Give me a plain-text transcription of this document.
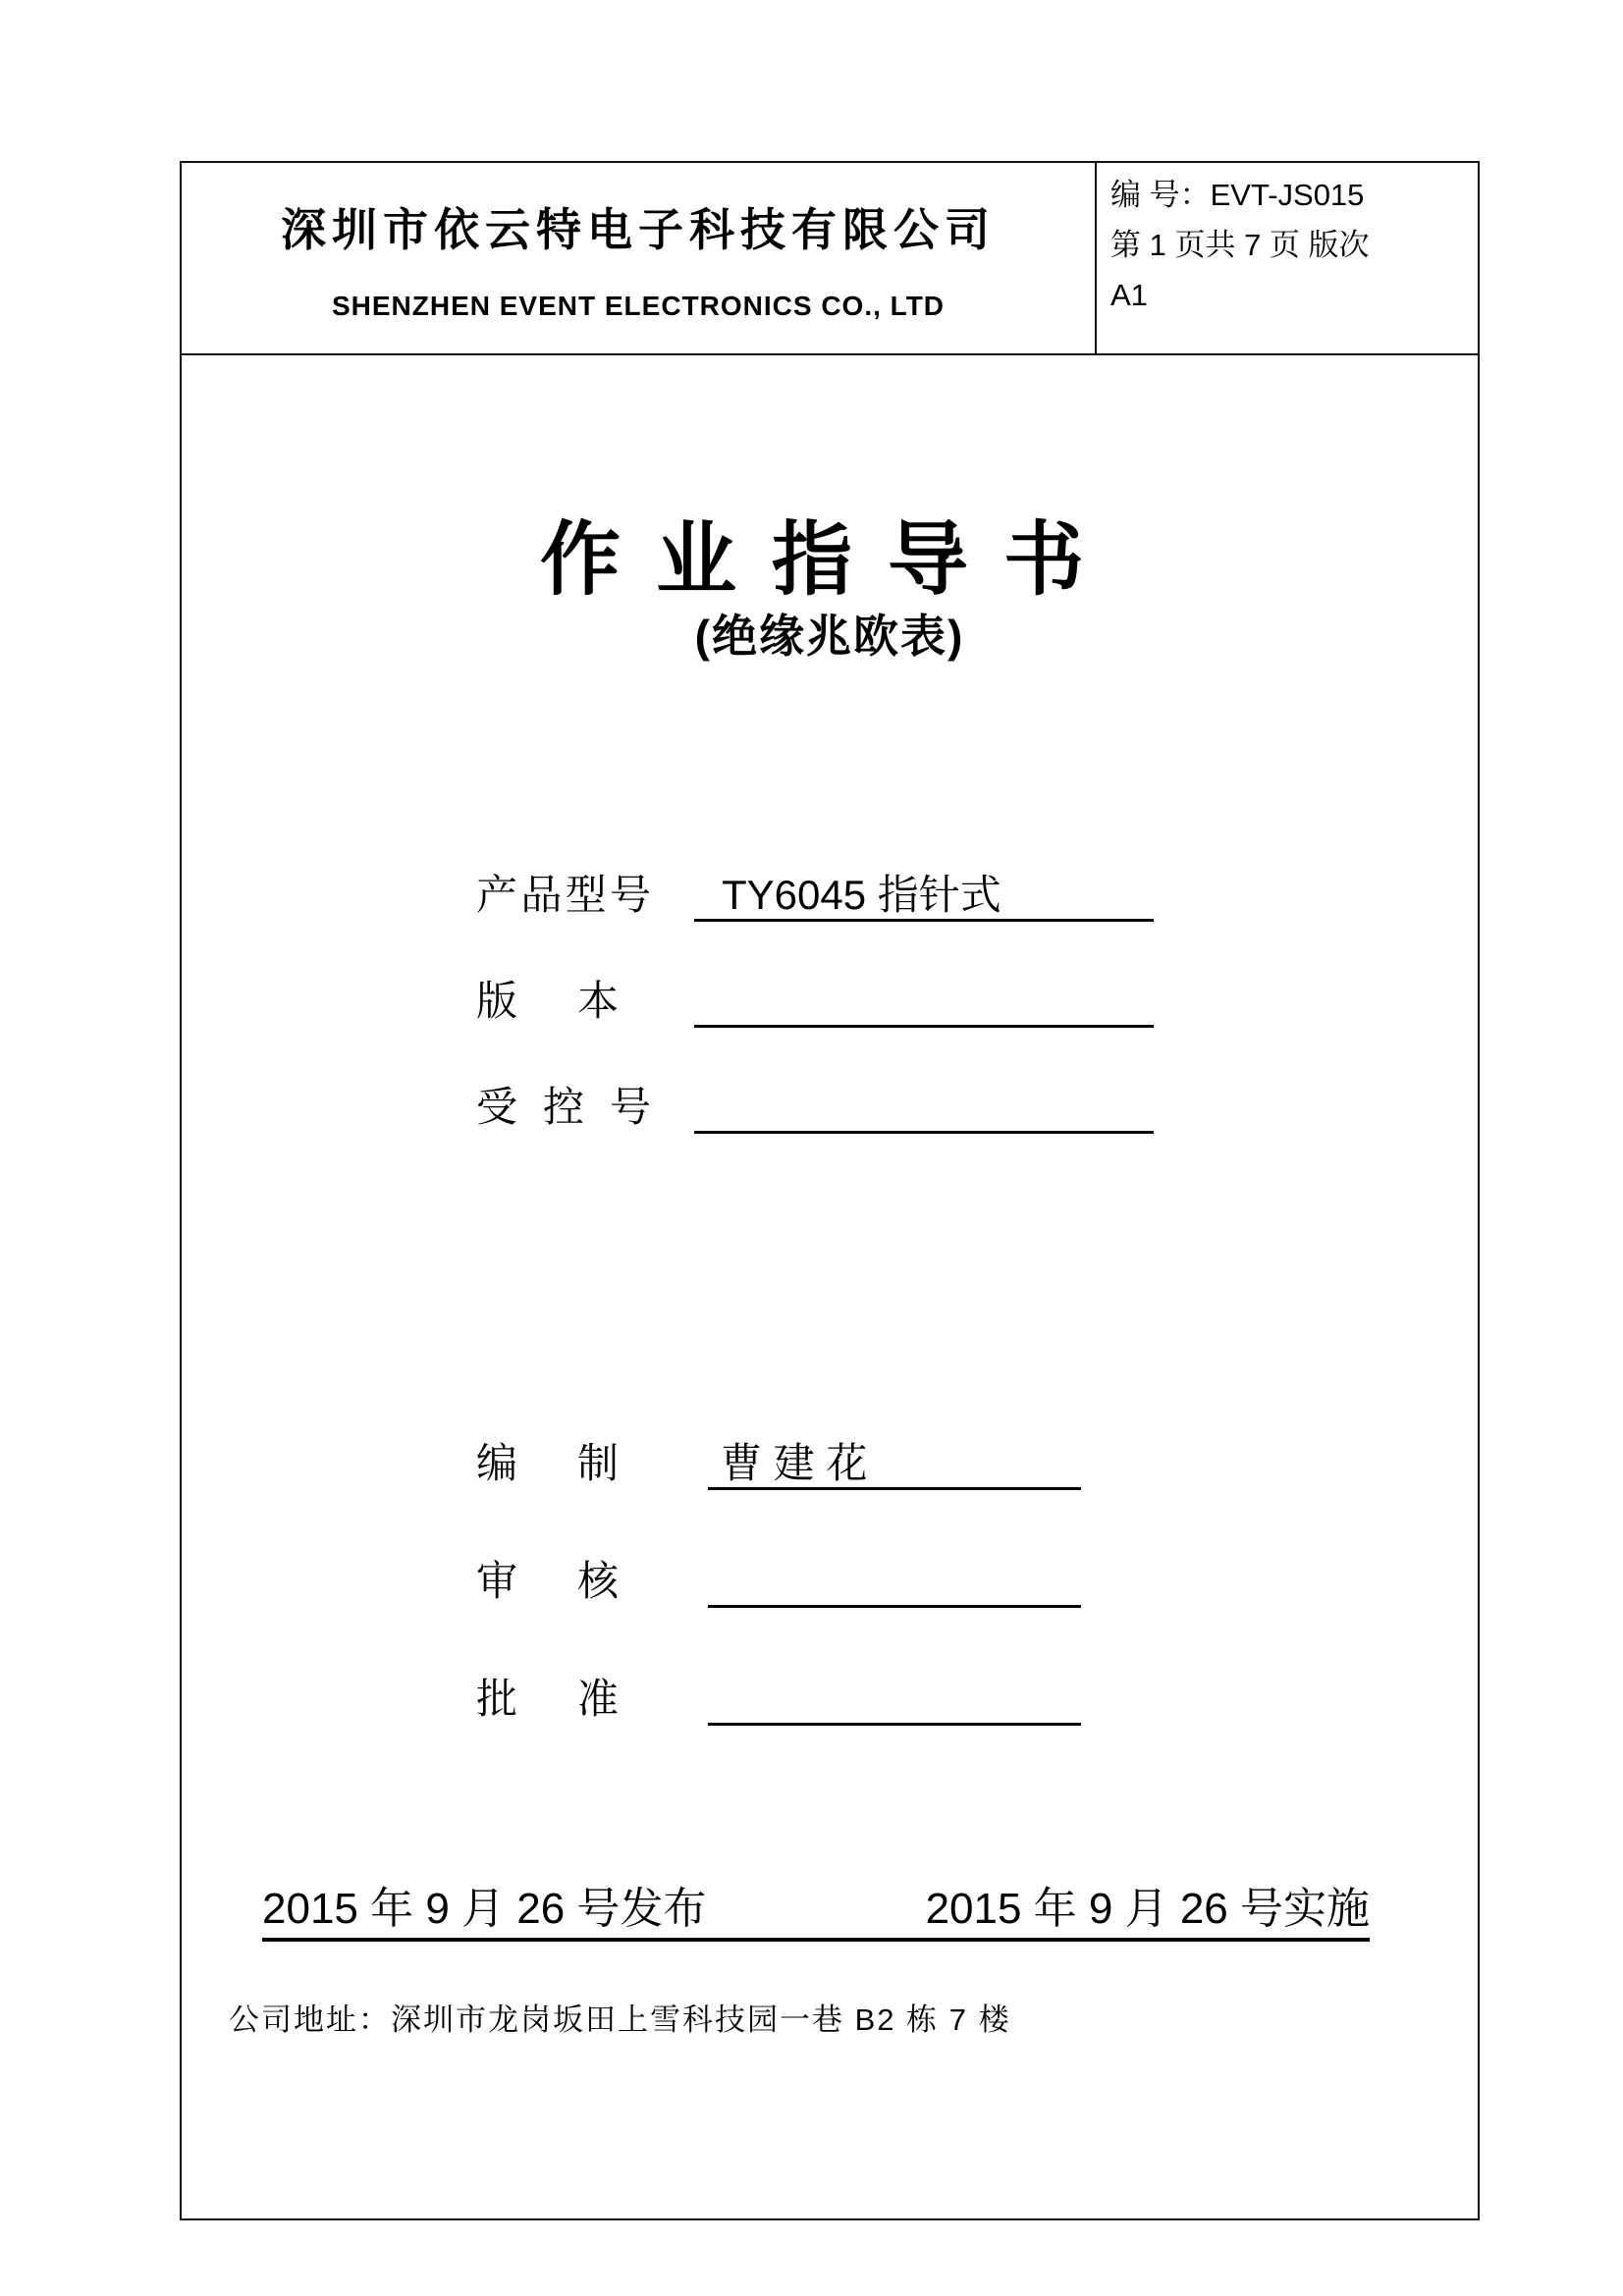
深圳市依云特电子科技有限公司
SHENZHEN EVENT ELECTRONICS CO., LTD
编 号：EVT-JS015
第 1 页共 7 页 版次
A1
作业指导书
(绝缘兆欧表)
产品型号	TY6045 指针式
版本
受控号
编制	曹 建 花
审核
批准
2015 年 9 月 26 号发布	2015 年 9 月 26 号实施
公司地址：深圳市龙岗坂田上雪科技园一巷 B2 栋 7 楼
